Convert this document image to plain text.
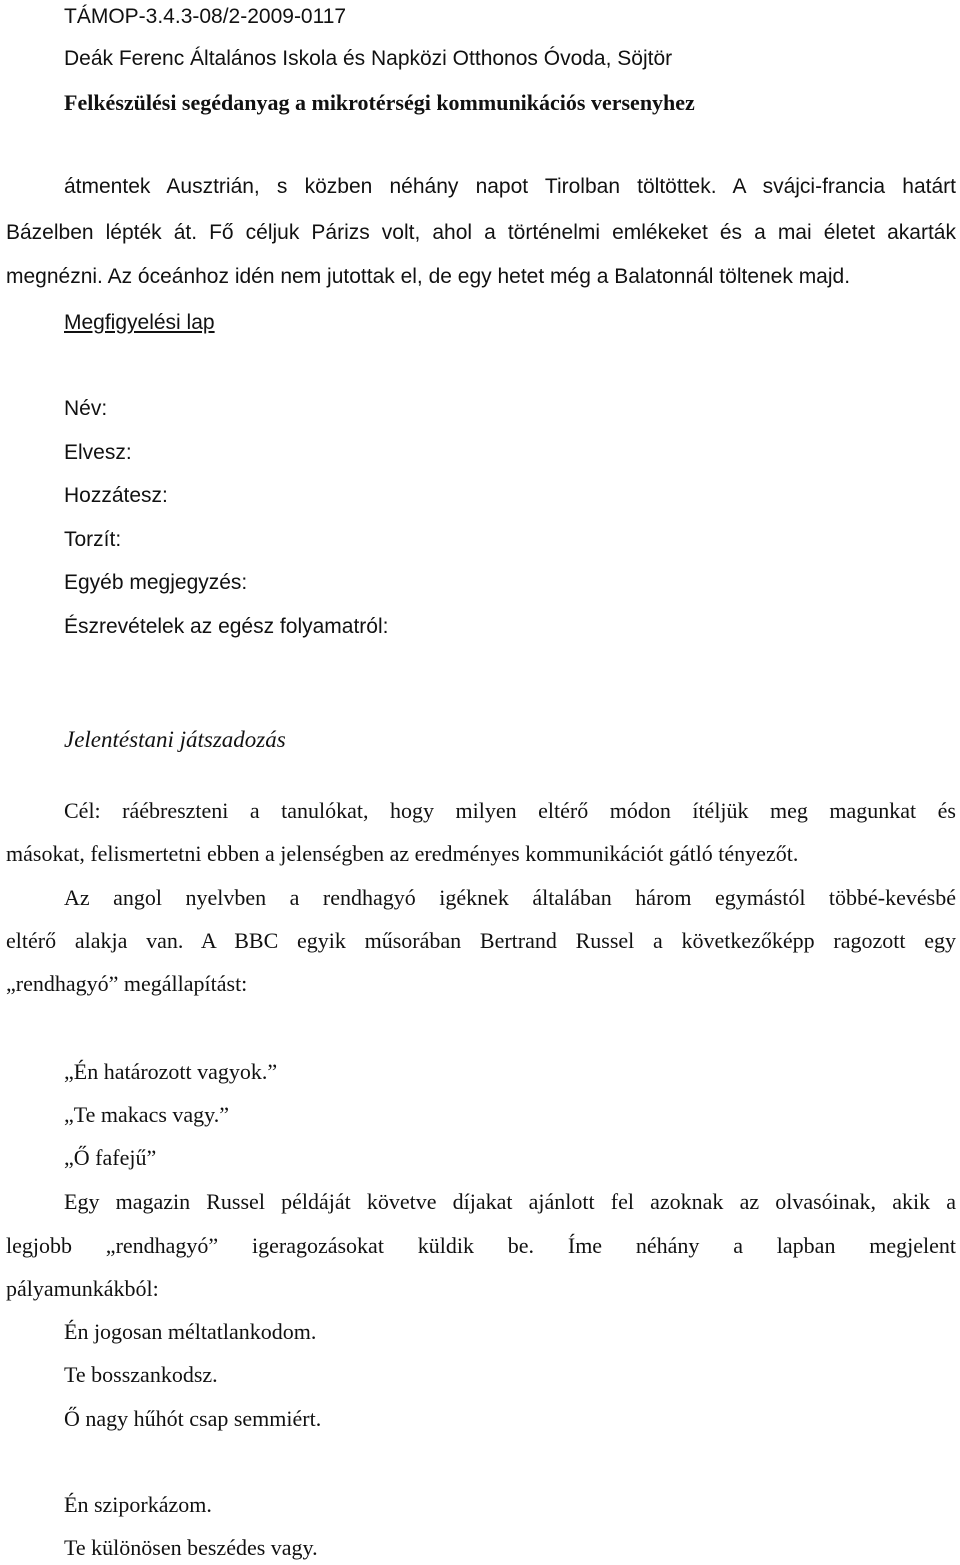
TÁMOP-3.4.3-08/2-2009-0117
Deák Ferenc Általános Iskola és Napközi Otthonos Óvoda, Söjtör
Felkészülési segédanyag a mikrotérségi kommunikációs versenyhez
átmentek Ausztrián, s közben néhány napot Tirolban töltöttek. A svájci-francia határt
Bázelben lépték át. Fő céljuk Párizs volt, ahol a történelmi emlékeket és a mai életet akarták
megnézni. Az óceánhoz idén nem jutottak el, de egy hetet még a Balatonnál töltenek majd.
Megfigyelési lap
Név:
Elvesz:
Hozzátesz:
Torzít:
Egyéb megjegyzés:
Észrevételek az egész folyamatról:
Jelentéstani játszadozás
Cél: ráébreszteni a tanulókat, hogy milyen eltérő módon ítéljük meg magunkat és
másokat, felismertetni ebben a jelenségben az eredményes kommunikációt gátló tényezőt.
Az angol nyelvben a rendhagyó igéknek általában három egymástól többé-kevésbé
eltérő alakja van. A BBC egyik műsorában Bertrand Russel a következőképp ragozott egy
„rendhagyó” megállapítást:
„Én határozott vagyok.”
„Te makacs vagy.”
„Ő fafejű”
Egy magazin Russel példáját követve díjakat ajánlott fel azoknak az olvasóinak, akik a
legjobb „rendhagyó” igeragozásokat küldik be. Íme néhány a lapban megjelent
pályamunkákból:
Én jogosan méltatlankodom.
Te bosszankodsz.
Ő nagy hűhót csap semmiért.
Én sziporkázom.
Te különösen beszédes vagy.
